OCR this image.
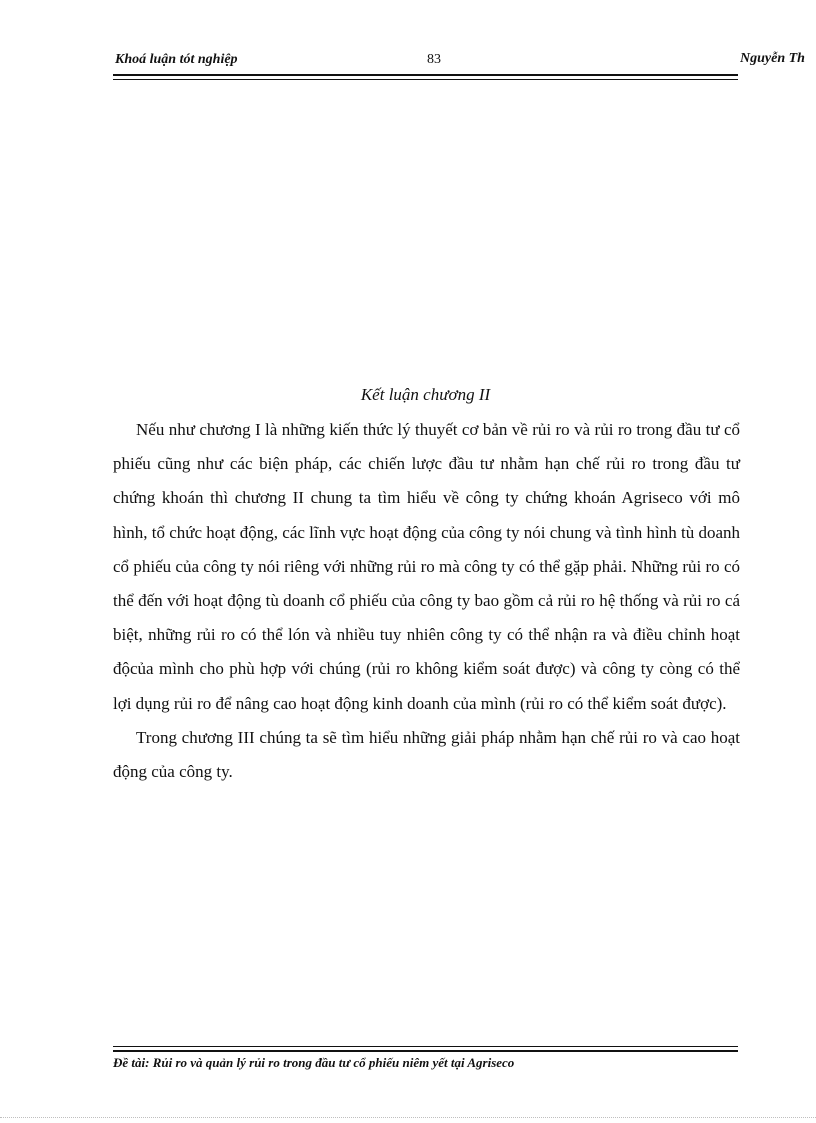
Khoá luận tót nghiệp	83	Nguyễn Th
Kết luận chương II

Nếu như chương I là những kiến thức lý thuyết cơ bản về rủi ro và rủi ro trong đầu tư cổ phiếu cũng như các biện pháp, các chiến lược đầu tư nhằm hạn chế rủi ro trong đầu tư chứng khoán thì chương II chung ta tìm hiểu về công ty chứng khoán Agriseco với mô hình, tổ chức hoạt động, các lĩnh vực hoạt động của công ty nói chung và tình hình tù doanh cổ phiếu của công ty nói riêng với những rủi ro mà công ty có thể gặp phải. Những rủi ro có thể đến với hoạt động tù doanh cổ phiếu của công ty bao gồm cả rủi ro hệ thống và rủi ro cá biệt, những rủi ro có thể lón và nhiều tuy nhiên công ty có thể nhận ra và điều chỉnh hoạt độcủa mình cho phù hợp với chúng (rủi ro không kiểm soát được) và công ty còng có thể lợi dụng rủi ro để nâng cao hoạt động kinh doanh của mình (rủi ro có thể kiểm soát được).

Trong chương III chúng ta sẽ tìm hiểu những giải pháp nhằm hạn chế rủi ro và cao hoạt động của công ty.

Đề tài: Rủi ro và quản lý rủi ro trong đầu tư cổ phiếu niêm yết tại Agriseco
